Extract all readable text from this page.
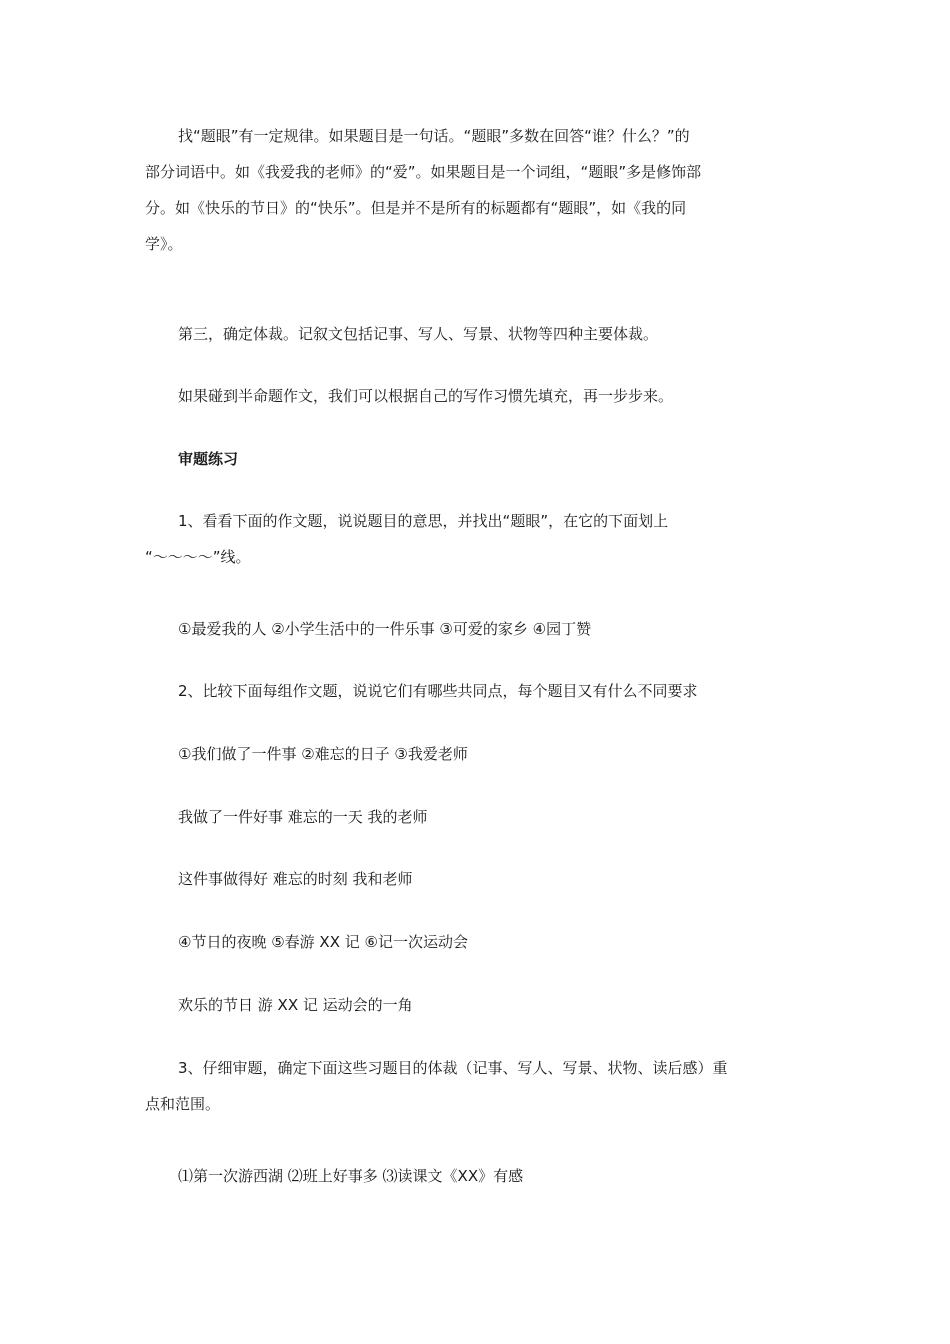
找“题眼”有一定规律。如果题目是一句话。“题眼”多数在回答“谁？什么？”的
部分词语中。如《我爱我的老师》的“爱”。如果题目是一个词组，“题眼”多是修饰部
分。如《快乐的节日》的“快乐”。但是并不是所有的标题都有“题眼”，如《我的同
学》。

第三，确定体裁。记叙文包括记事、写人、写景、状物等四种主要体裁。

如果碰到半命题作文，我们可以根据自己的写作习惯先填充，再一步步来。

审题练习

1、看看下面的作文题，说说题目的意思，并找出“题眼”，在它的下面划上
“～～～～”线。

①最爱我的人 ②小学生活中的一件乐事 ③可爱的家乡 ④园丁赞

2、比较下面每组作文题，说说它们有哪些共同点，每个题目又有什么不同要求

①我们做了一件事 ②难忘的日子 ③我爱老师

我做了一件好事 难忘的一天 我的老师

这件事做得好 难忘的时刻 我和老师

④节日的夜晚 ⑤春游 XX 记 ⑥记一次运动会

欢乐的节日 游 XX 记 运动会的一角

3、仔细审题，确定下面这些习题目的体裁（记事、写人、写景、状物、读后感）重
点和范围。

⑴第一次游西湖 ⑵班上好事多 ⑶读课文《XX》有感
